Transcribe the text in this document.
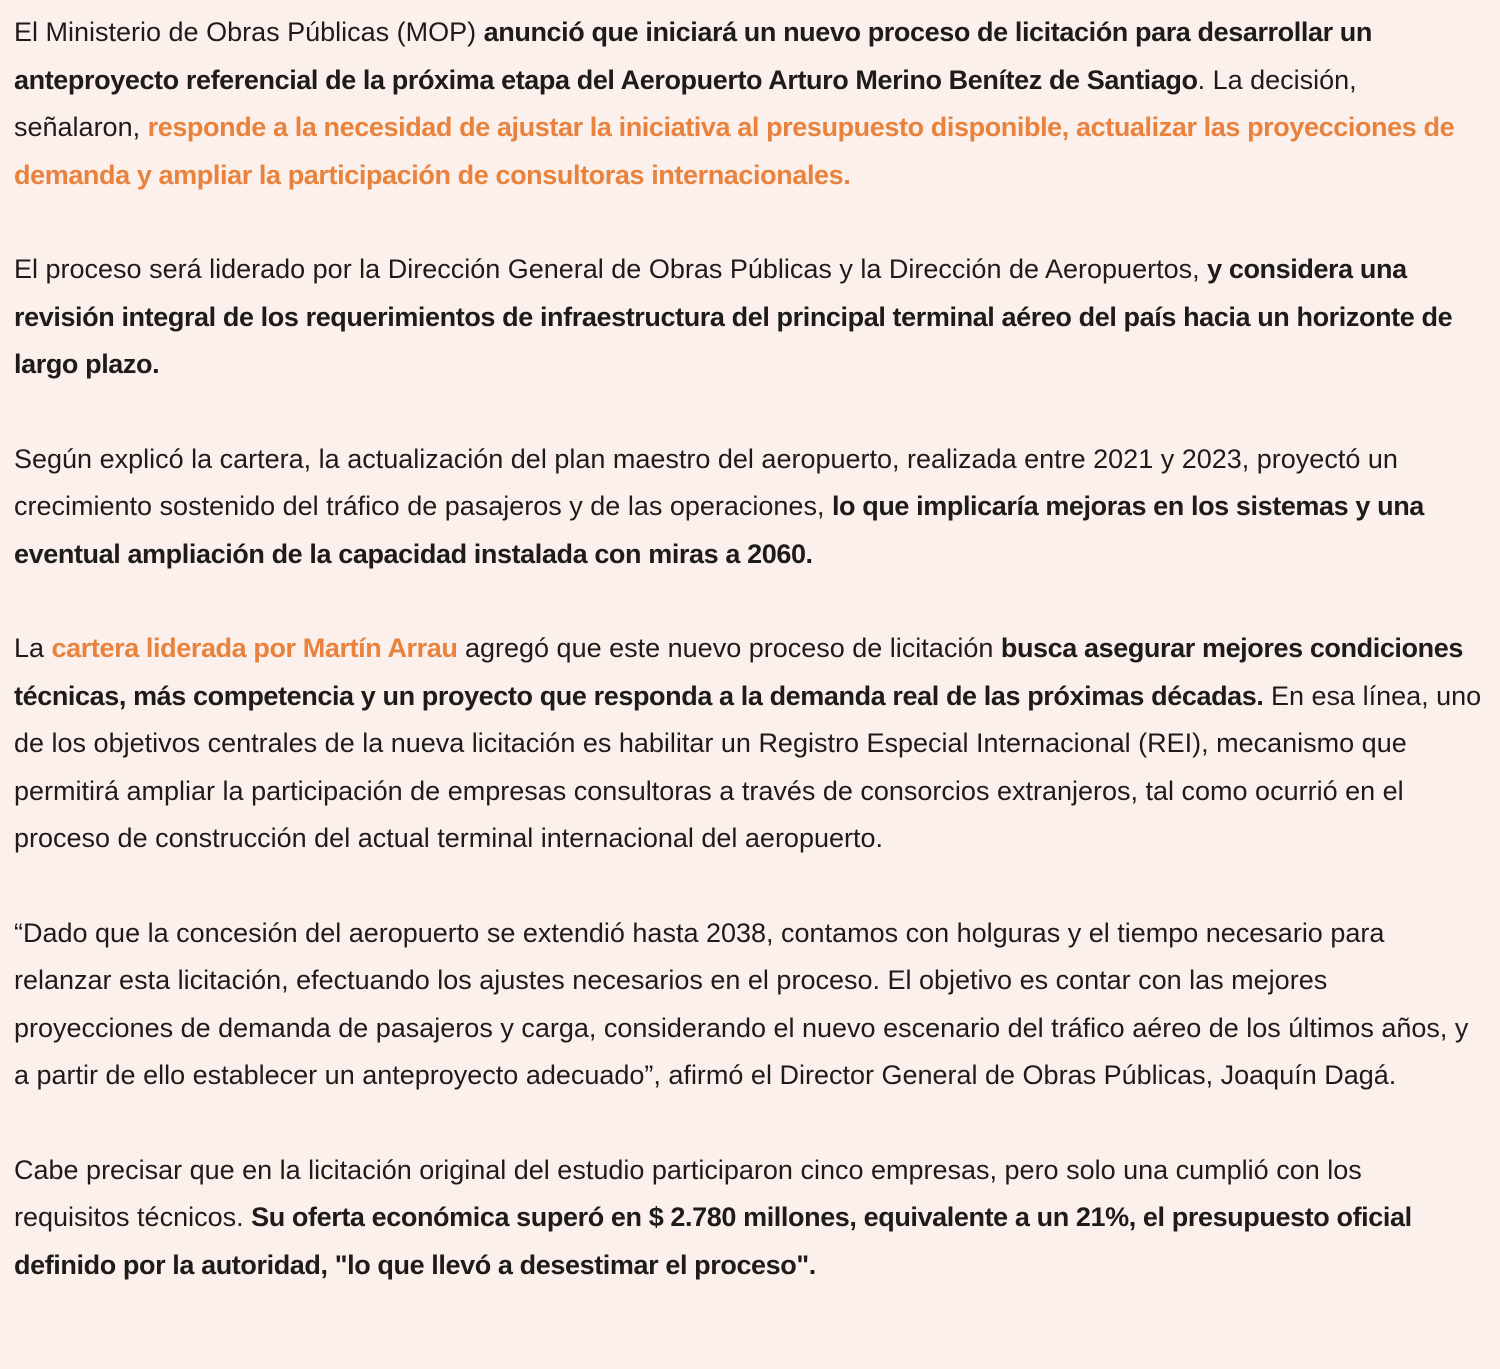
El Ministerio de Obras Públicas (MOP) anunció que iniciará un nuevo proceso de licitación para desarrollar un anteproyecto referencial de la próxima etapa del Aeropuerto Arturo Merino Benítez de Santiago. La decisión, señalaron, responde a la necesidad de ajustar la iniciativa al presupuesto disponible, actualizar las proyecciones de demanda y ampliar la participación de consultoras internacionales.

El proceso será liderado por la Dirección General de Obras Públicas y la Dirección de Aeropuertos, y considera una revisión integral de los requerimientos de infraestructura del principal terminal aéreo del país hacia un horizonte de largo plazo.

Según explicó la cartera, la actualización del plan maestro del aeropuerto, realizada entre 2021 y 2023, proyectó un crecimiento sostenido del tráfico de pasajeros y de las operaciones, lo que implicaría mejoras en los sistemas y una eventual ampliación de la capacidad instalada con miras a 2060.

La cartera liderada por Martín Arrau agregó que este nuevo proceso de licitación busca asegurar mejores condiciones técnicas, más competencia y un proyecto que responda a la demanda real de las próximas décadas. En esa línea, uno de los objetivos centrales de la nueva licitación es habilitar un Registro Especial Internacional (REI), mecanismo que permitirá ampliar la participación de empresas consultoras a través de consorcios extranjeros, tal como ocurrió en el proceso de construcción del actual terminal internacional del aeropuerto.

“Dado que la concesión del aeropuerto se extendió hasta 2038, contamos con holguras y el tiempo necesario para relanzar esta licitación, efectuando los ajustes necesarios en el proceso. El objetivo es contar con las mejores proyecciones de demanda de pasajeros y carga, considerando el nuevo escenario del tráfico aéreo de los últimos años, y a partir de ello establecer un anteproyecto adecuado”, afirmó el Director General de Obras Públicas, Joaquín Dagá.

Cabe precisar que en la licitación original del estudio participaron cinco empresas, pero solo una cumplió con los requisitos técnicos. Su oferta económica superó en $ 2.780 millones, equivalente a un 21%, el presupuesto oficial definido por la autoridad, "lo que llevó a desestimar el proceso".
